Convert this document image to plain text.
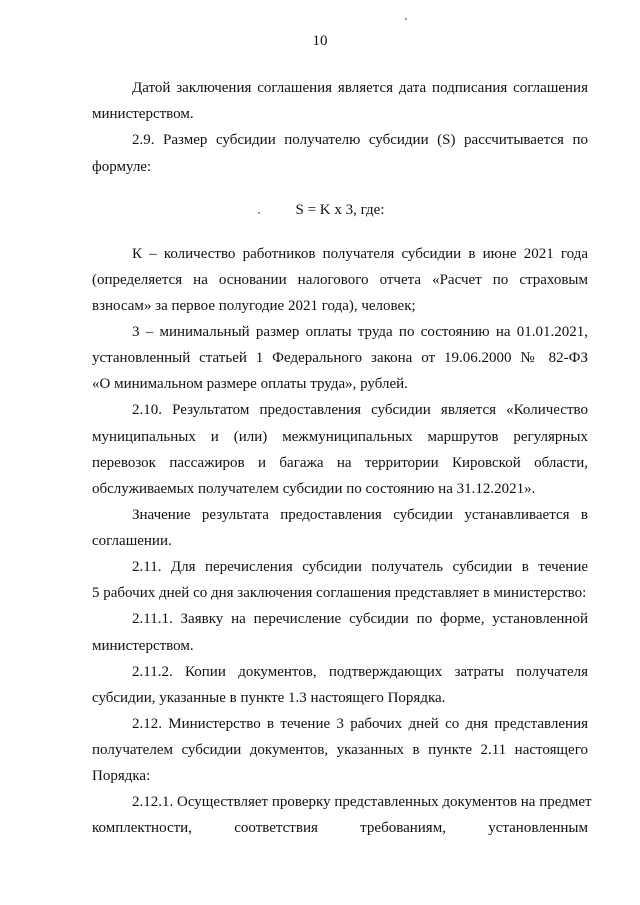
10
Датой заключения соглашения является дата подписания соглашения
министерством.
2.9. Размер субсидии получателю субсидии (S) рассчитывается по
формуле:
S = K x 3, где:
К – количество работников получателя субсидии в июне 2021 года
(определяется на основании налогового отчета «Расчет по страховым
взносам» за первое полугодие 2021 года), человек;
3 – минимальный размер оплаты труда по состоянию на 01.01.2021,
установленный статьей 1 Федерального закона от 19.06.2000 № 82-ФЗ
«О минимальном размере оплаты труда», рублей.
2.10. Результатом предоставления субсидии является «Количество
муниципальных и (или) межмуниципальных маршрутов регулярных
перевозок пассажиров и багажа на территории Кировской области,
обслуживаемых получателем субсидии по состоянию на 31.12.2021».
Значение результата предоставления субсидии устанавливается в
соглашении.
2.11. Для перечисления субсидии получатель субсидии в течение
5 рабочих дней со дня заключения соглашения представляет в министерство:
2.11.1. Заявку на перечисление субсидии по форме, установленной
министерством.
2.11.2. Копии документов, подтверждающих затраты получателя
субсидии, указанные в пункте 1.3 настоящего Порядка.
2.12. Министерство в течение 3 рабочих дней со дня представления
получателем субсидии документов, указанных в пункте 2.11 настоящего
Порядка:
2.12.1. Осуществляет проверку представленных документов на предмет
комплектности, соответствия требованиям, установленным
